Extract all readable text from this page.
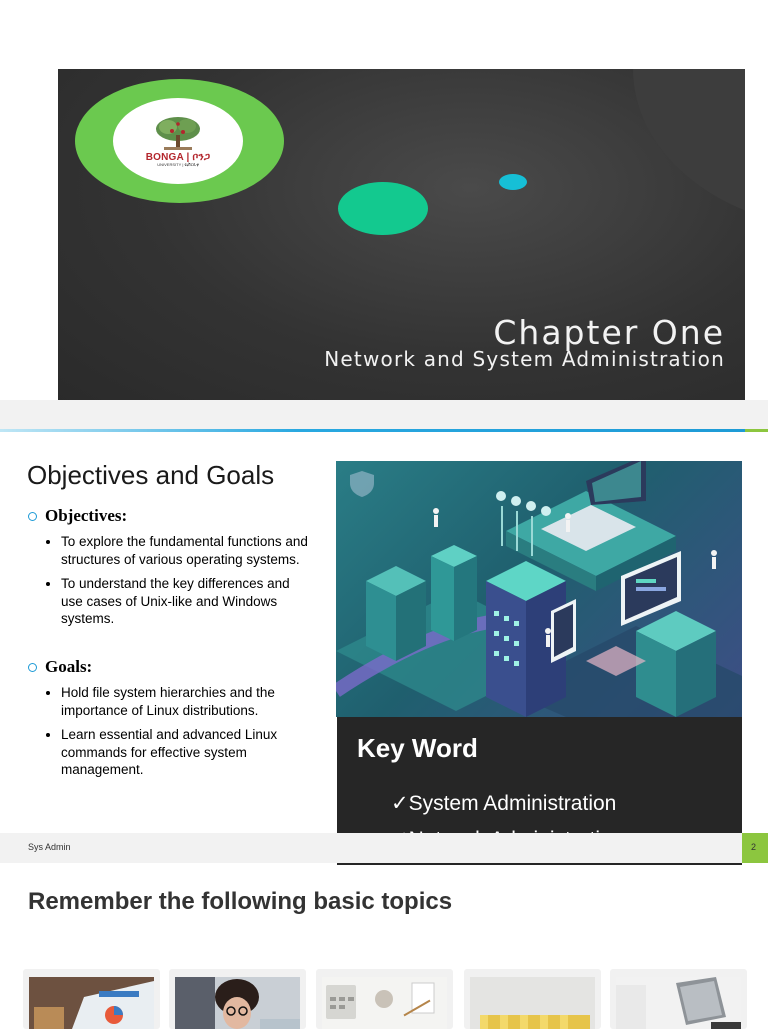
BONGA | ቦንጋ
UNIVERSITY | ዩኒቨርሲቲ
Chapter One
Network and System Administration
Objectives and Goals
Objectives:
• To explore the fundamental functions and structures of various operating systems.
• To understand the key differences and use cases of Unix-like and Windows systems.
Goals:
• Hold file system hierarchies and the importance of Linux distributions.
• Learn essential and advanced Linux commands for effective system management.
Key Word
✓System Administration
Sys Admin	2
Remember the following basic topics
